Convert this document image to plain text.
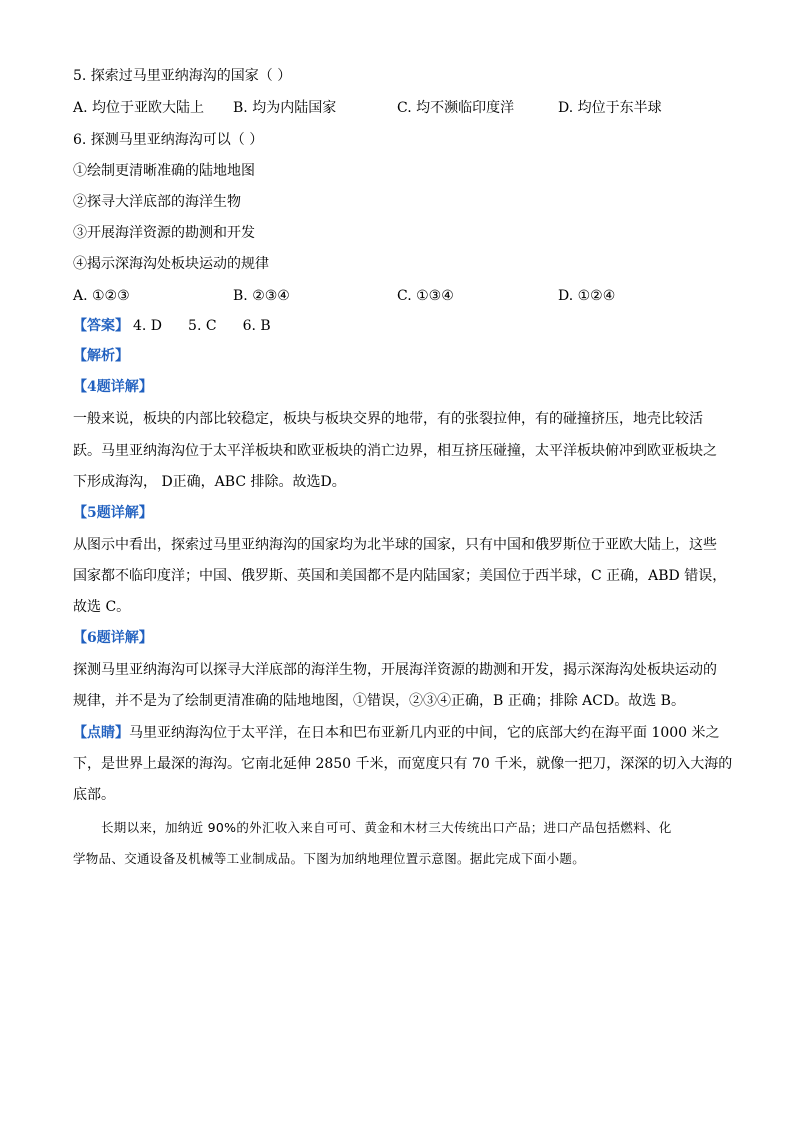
5. 探索过马里亚纳海沟的国家（ ）
A. 均位于亚欧大陆上 B. 均为内陆国家	C. 均不濒临印度洋	D. 均位于东半球
6. 探测马里亚纳海沟可以（ ）
①绘制更清晰准确的陆地地图
②探寻大洋底部的海洋生物
③开展海洋资源的勘测和开发
④揭示深海沟处板块运动的规律
A. ①②③	B. ②③④	C. ①③④	D. ①②④
【答案】 4. D 5. C 6. B
【解析】
【4题详解】
一般来说，板块的内部比较稳定，板块与板块交界的地带，有的张裂拉伸，有的碰撞挤压，地壳比较活
跃。马里亚纳海沟位于太平洋板块和欧亚板块的消亡边界，相互挤压碰撞，太平洋板块俯冲到欧亚板块之
下形成海沟， D正确，ABC 排除。故选D。
【5题详解】
从图示中看出，探索过马里亚纳海沟的国家均为北半球的国家，只有中国和俄罗斯位于亚欧大陆上，这些
国家都不临印度洋；中国、俄罗斯、英国和美国都不是内陆国家；美国位于西半球，C 正确，ABD 错误，
故选 C。
【6题详解】
探测马里亚纳海沟可以探寻大洋底部的海洋生物，开展海洋资源的勘测和开发，揭示深海沟处板块运动的
规律，并不是为了绘制更清准确的陆地地图，①错误，②③④正确，B 正确；排除 ACD。故选 B。
【点睛】马里亚纳海沟位于太平洋，在日本和巴布亚新几内亚的中间，它的底部大约在海平面 1000 米之
下，是世界上最深的海沟。它南北延伸 2850 千米，而宽度只有 70 千米，就像一把刀，深深的切入大海的
底部。
长期以来，加纳近 90%的外汇收入来自可可、黄金和木材三大传统出口产品；进口产品包括燃料、化
学物品、交通设备及机械等工业制成品。下图为加纳地理位置示意图。据此完成下面小题。
